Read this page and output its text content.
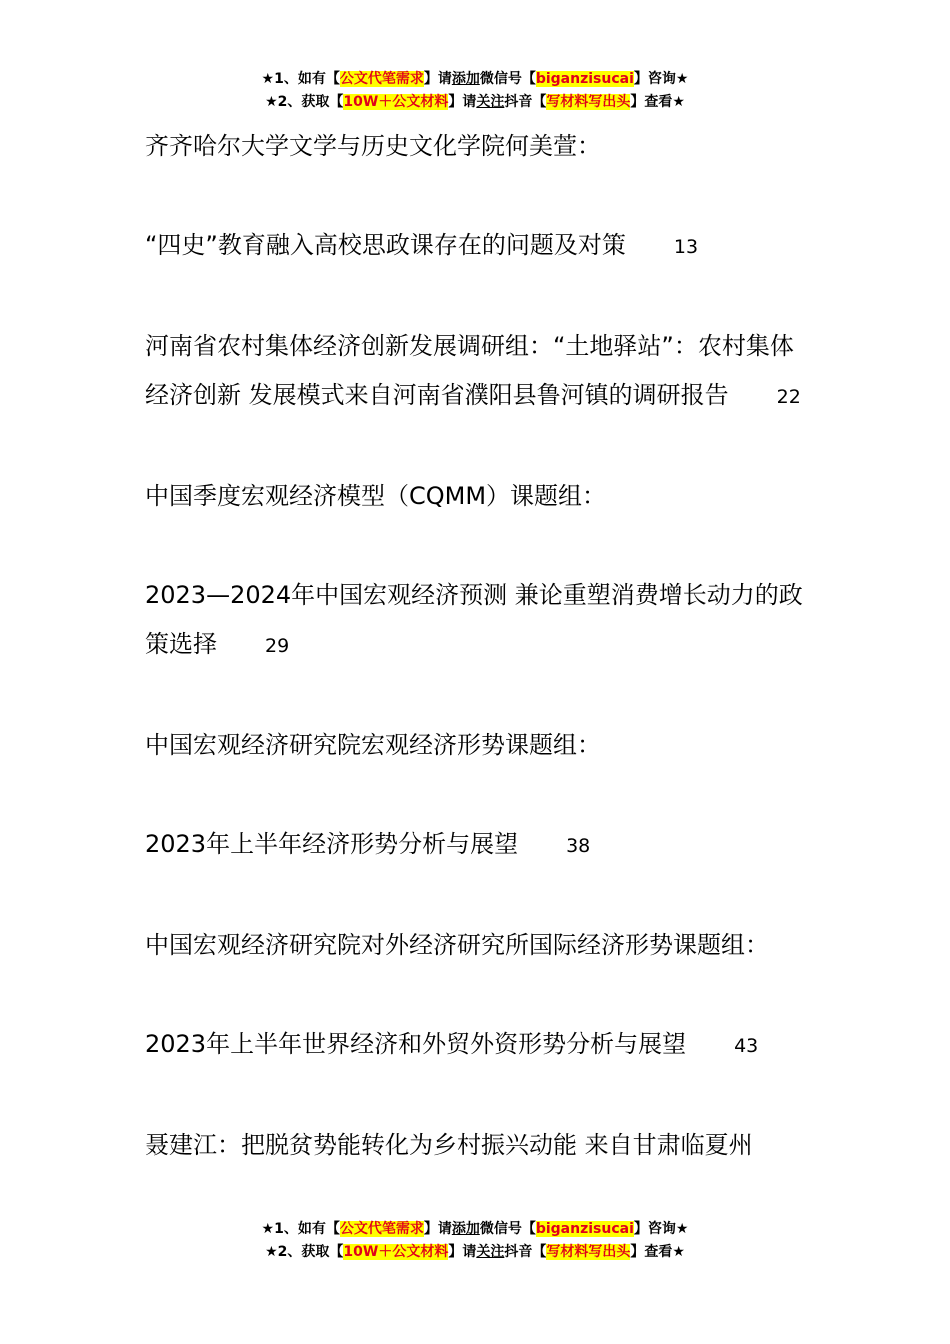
★1、如有【公文代笔需求】请添加微信号【biganzisucai】咨询★
★2、获取【10W＋公文材料】请关注抖音【写材料写出头】查看★

齐齐哈尔大学文学与历史文化学院何美萱：

“四史”教育融入高校思政课存在的问题及对策	13

河南省农村集体经济创新发展调研组：“土地驿站”：农村集体经济创新 发展模式来自河南省濮阳县鲁河镇的调研报告	22

中国季度宏观经济模型（CQMM）课题组：

2023—2024年中国宏观经济预测 兼论重塑消费增长动力的政策选择	29

中国宏观经济研究院宏观经济形势课题组：

2023年上半年经济形势分析与展望	38

中国宏观经济研究院对外经济研究所国际经济形势课题组：

2023年上半年世界经济和外贸外资形势分析与展望	43

聂建江：把脱贫势能转化为乡村振兴动能 来自甘肃临夏州

★1、如有【公文代笔需求】请添加微信号【biganzisucai】咨询★
★2、获取【10W＋公文材料】请关注抖音【写材料写出头】查看★
